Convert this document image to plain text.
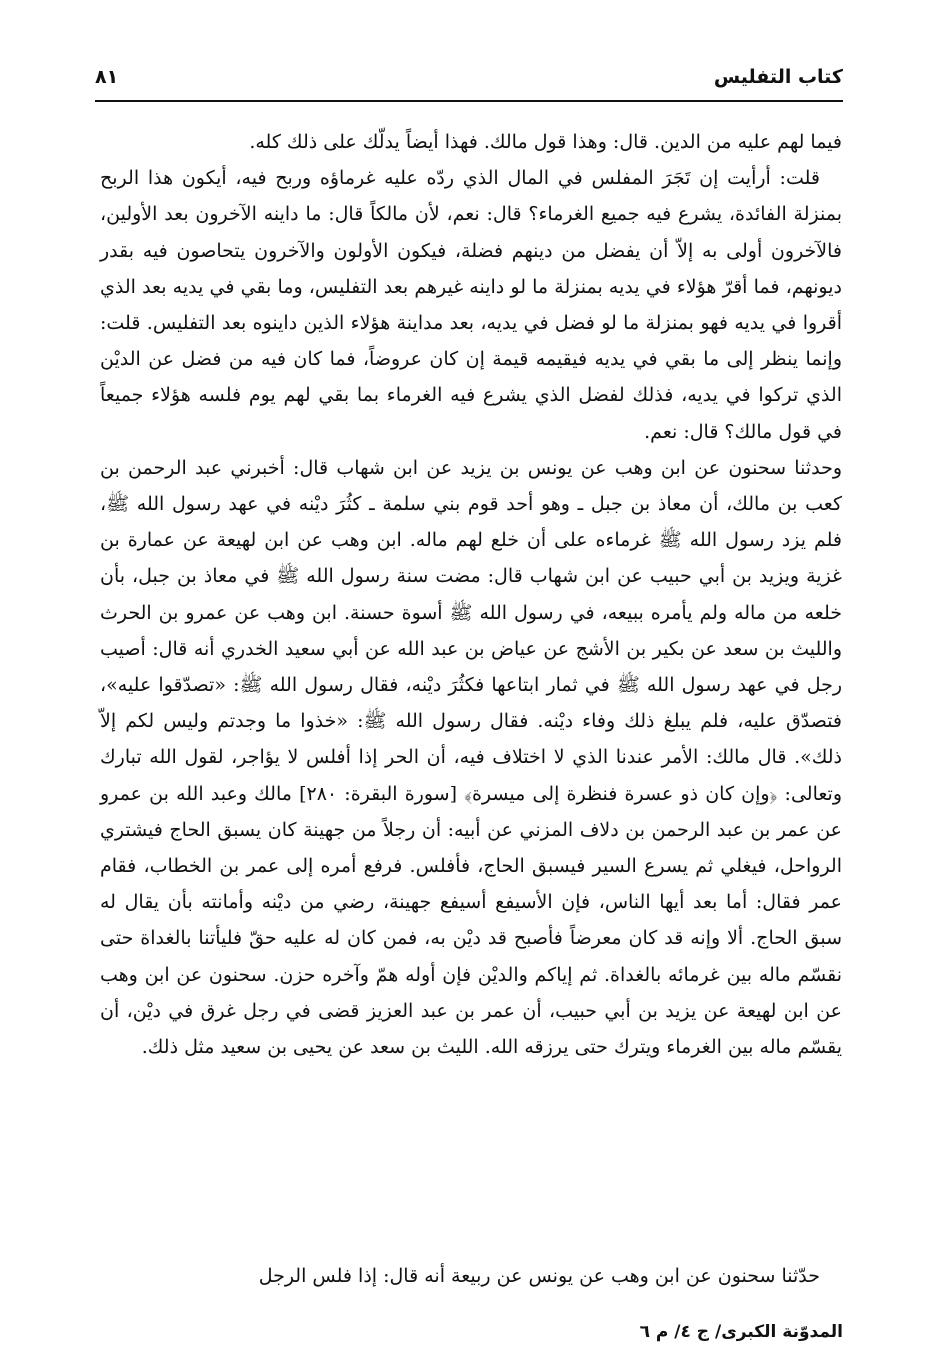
كتاب التفليس
٨١

فيما لهم عليه من الدين. قال: وهذا قول مالك. فهذا أيضاً يدلّك على ذلك كله.

قلت: أرأيت إن تَجَرَ المفلس في المال الذي ردّه عليه غرماؤه وربح فيه، أيكون هذا الربح بمنزلة الفائدة، يشرع فيه جميع الغرماء؟ قال: نعم، لأن مالكاً قال: ما داينه الآخرون بعد الأولين، فالآخرون أولى به إلاّ أن يفضل من دينهم فضلة، فيكون الأولون والآخرون يتحاصون فيه بقدر ديونهم، فما أقرّ هؤلاء في يديه بمنزلة ما لو داينه غيرهم بعد التفليس، وما بقي في يديه بعد الذي أقروا في يديه فهو بمنزلة ما لو فضل في يديه، بعد مداينة هؤلاء الذين داينوه بعد التفليس. قلت: وإنما ينظر إلى ما بقي في يديه فيقيمه قيمة إن كان عروضاً، فما كان فيه من فضل عن الديْن الذي تركوا في يديه، فذلك لفضل الذي يشرع فيه الغرماء بما بقي لهم يوم فلسه هؤلاء جميعاً في قول مالك؟ قال: نعم.

وحدثنا سحنون عن ابن وهب عن يونس بن يزيد عن ابن شهاب قال: أخبرني عبد الرحمن بن كعب بن مالك، أن معاذ بن جبل ـ وهو أحد قوم بني سلمة ـ كثُرَ ديْنه في عهد رسول الله ﷺ، فلم يزد رسول الله ﷺ غرماءه على أن خلع لهم ماله. ابن وهب عن ابن لهيعة عن عمارة بن غزية ويزيد بن أبي حبيب عن ابن شهاب قال: مضت سنة رسول الله ﷺ في معاذ بن جبل، بأن خلعه من ماله ولم يأمره ببيعه، في رسول الله ﷺ أسوة حسنة. ابن وهب عن عمرو بن الحرث والليث بن سعد عن بكير بن الأشج عن عياض بن عبد الله عن أبي سعيد الخدري أنه قال: أصيب رجل في عهد رسول الله ﷺ في ثمار ابتاعها فكثُرَ ديْنه، فقال رسول الله ﷺ: «تصدّقوا عليه»، فتصدّق عليه، فلم يبلغ ذلك وفاء ديْنه. فقال رسول الله ﷺ: «خذوا ما وجدتم وليس لكم إلاّ ذلك». قال مالك: الأمر عندنا الذي لا اختلاف فيه، أن الحر إذا أفلس لا يؤاجر، لقول الله تبارك وتعالى: ﴿وإن كان ذو عسرة فنظرة إلى ميسرة﴾ [سورة البقرة: ٢٨٠] مالك وعبد الله بن عمرو عن عمر بن عبد الرحمن بن دلاف المزني عن أبيه: أن رجلاً من جهينة كان يسبق الحاج فيشتري الرواحل، فيغلي ثم يسرع السير فيسبق الحاج، فأفلس. فرفع أمره إلى عمر بن الخطاب، فقام عمر فقال: أما بعد أيها الناس، فإن الأسيفع أسيفع جهينة، رضي من ديْنه وأمانته بأن يقال له سبق الحاج. ألا وإنه قد كان معرضاً فأصبح قد ديْن به، فمن كان له عليه حقّ فليأتنا بالغداة حتى نقسّم ماله بين غرمائه بالغداة. ثم إياكم والديْن فإن أوله همّ وآخره حزن. سحنون عن ابن وهب عن ابن لهيعة عن يزيد بن أبي حبيب، أن عمر بن عبد العزيز قضى في رجل غرق في ديْن، أن يقسّم ماله بين الغرماء ويترك حتى يرزقه الله. الليث بن سعد عن يحيى بن سعيد مثل ذلك.

حدّثنا سحنون عن ابن وهب عن يونس عن ربيعة أنه قال: إذا فلس الرجل
المدوّنة الكبرى/ ج ٤/ م ٦
